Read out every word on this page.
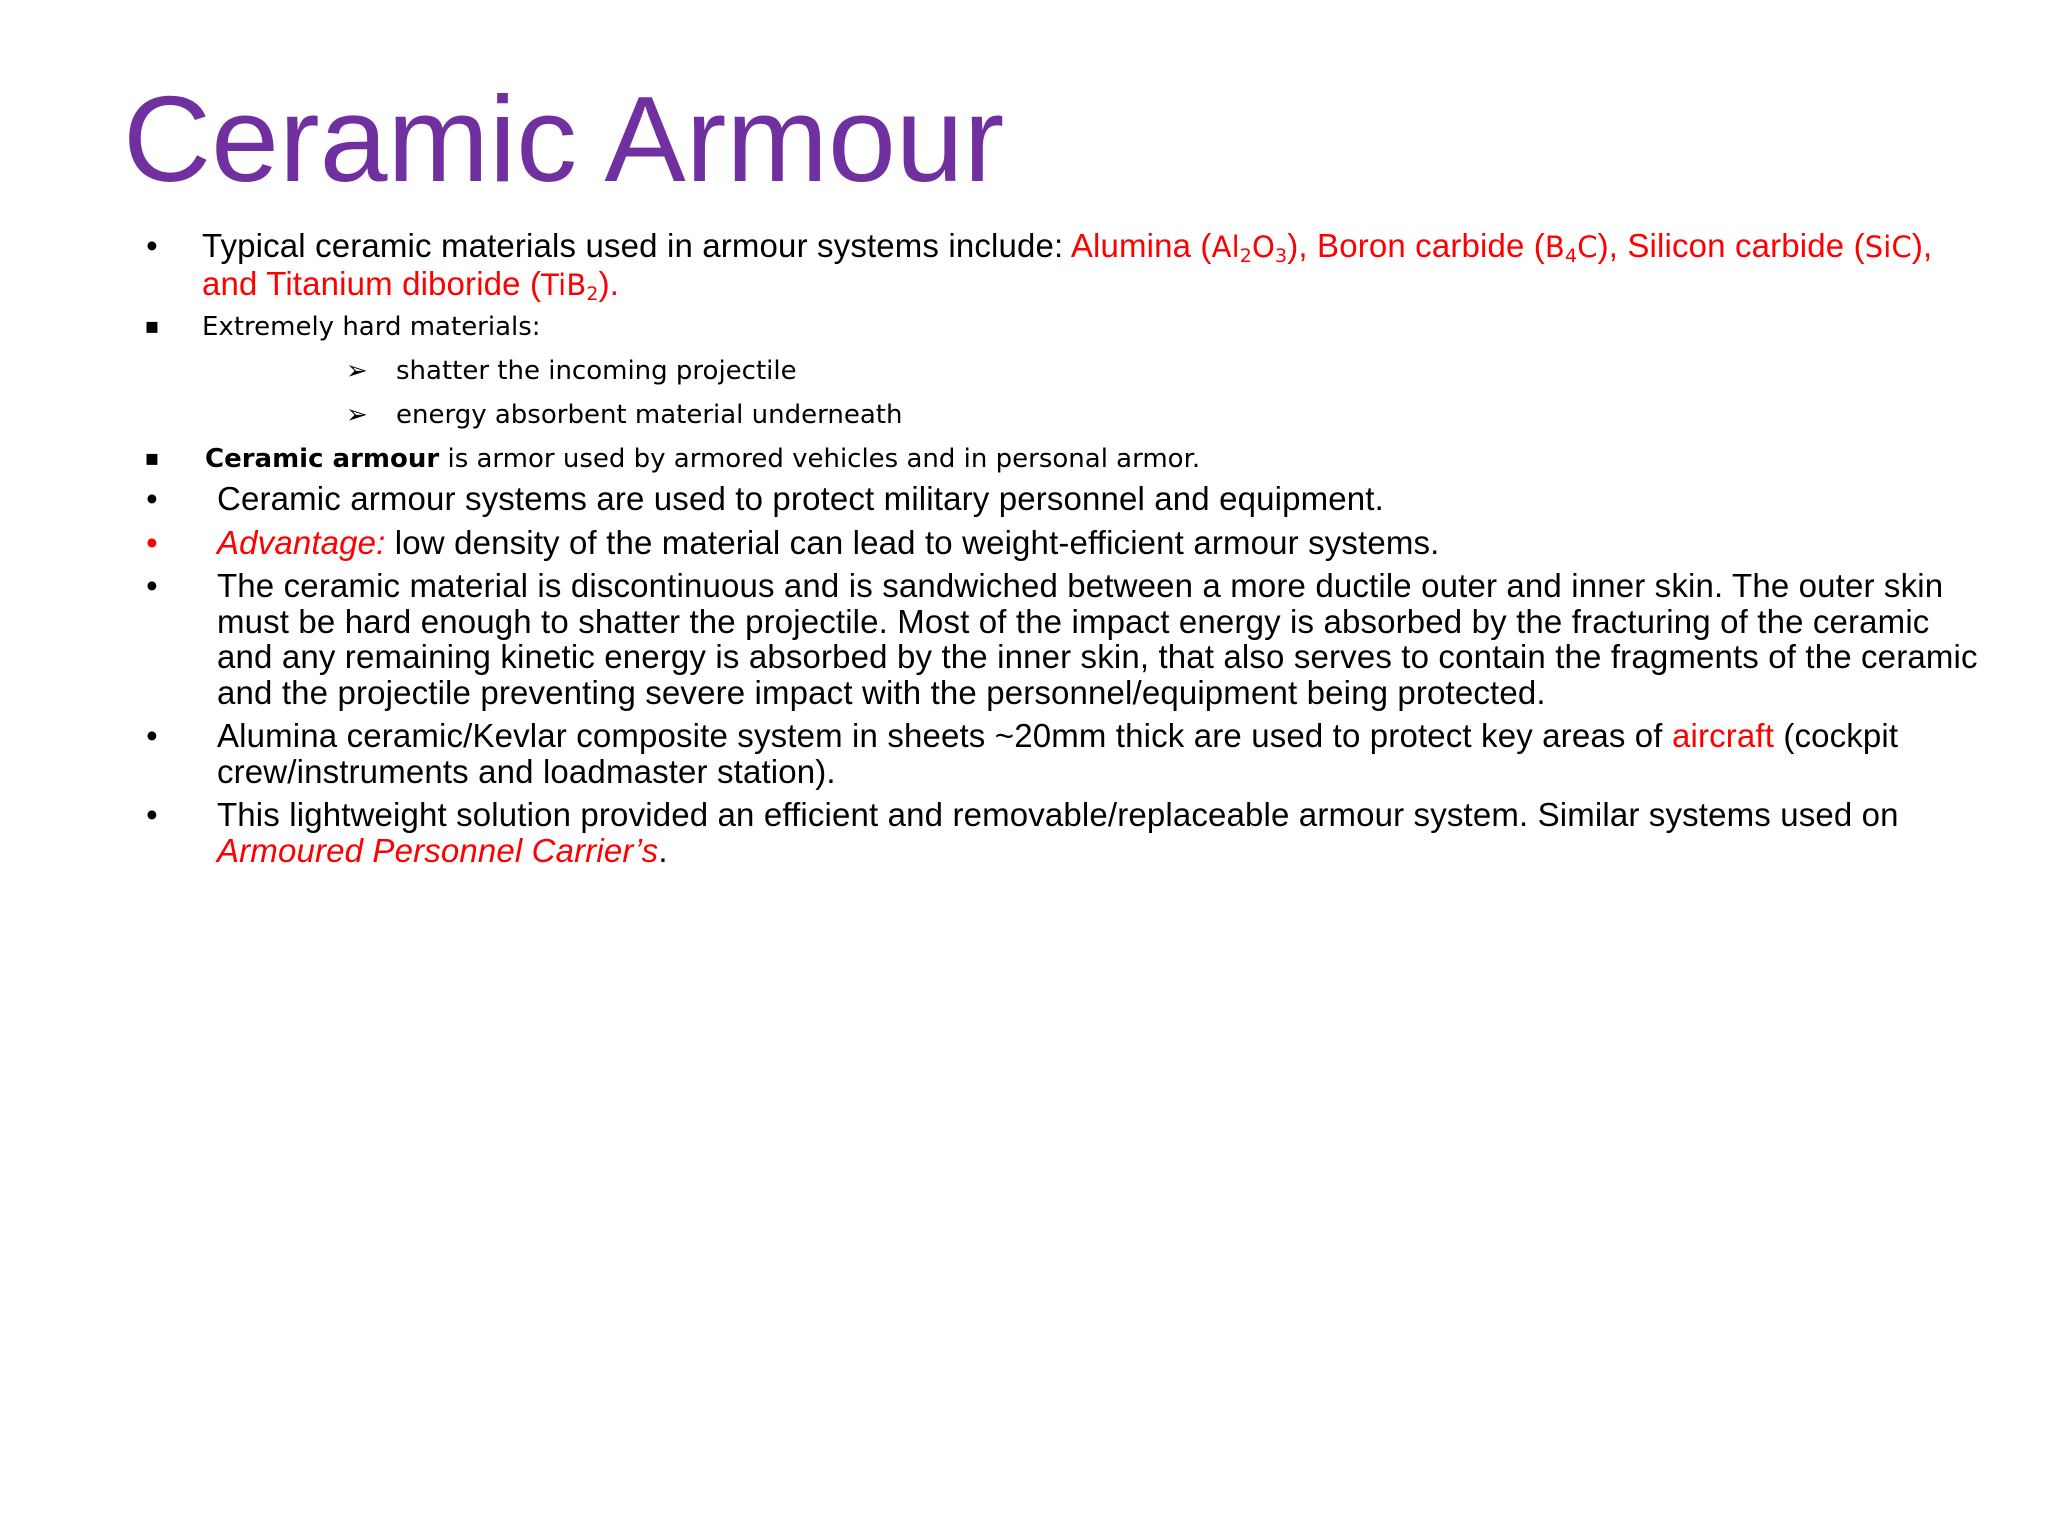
Ceramic Armour
• Typical ceramic materials used in armour systems include: Alumina $(Al_2O_3)$, Boron carbide $(B_4C)$, Silicon carbide (SiC), and Titanium diboride (TiB$_2$).
▪ Extremely hard materials:
➢ shatter the incoming projectile
➢ energy absorbent material underneath
▪ Ceramic armour is armor used by armored vehicles and in personal armor.
• Ceramic armour systems are used to protect military personnel and equipment.
• Advantage: low density of the material can lead to weight-efficient armour systems.
• The ceramic material is discontinuous and is sandwiched between a more ductile outer and inner skin. The outer skin must be hard enough to shatter the projectile. Most of the impact energy is absorbed by the fracturing of the ceramic and any remaining kinetic energy is absorbed by the inner skin, that also serves to contain the fragments of the ceramic and the projectile preventing severe impact with the personnel/equipment being protected.
• Alumina ceramic/Kevlar composite system in sheets ~20mm thick are used to protect key areas of aircraft (cockpit crew/instruments and loadmaster station).
• This lightweight solution provided an efficient and removable/replaceable armour system. Similar systems used on Armoured Personnel Carrier’s.
